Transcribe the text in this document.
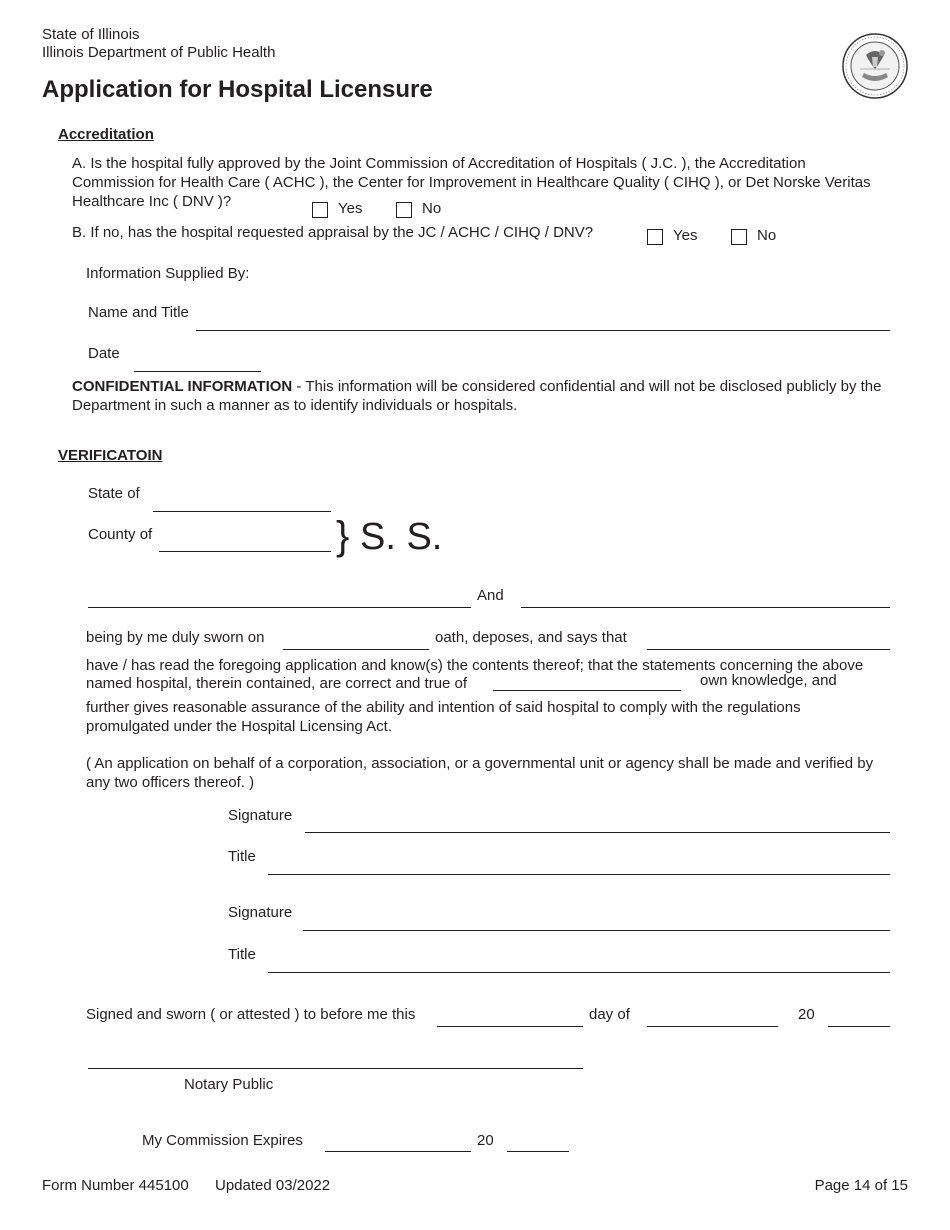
State of Illinois
Illinois Department of Public Health
Application for Hospital Licensure
Accreditation
A. Is the hospital fully approved by the Joint Commission of Accreditation of Hospitals ( J.C. ), the Accreditation Commission for Health Care ( ACHC ), the Center for Improvement in Healthcare Quality ( CIHQ ), or Det Norske Veritas Healthcare Inc ( DNV )?	Yes	No
B. If no, has the hospital requested appraisal by the JC / ACHC / CIHQ / DNV?	Yes	No
Information Supplied By:
Name and Title
Date
CONFIDENTIAL INFORMATION - This information will be considered confidential and will not be disclosed publicly by the Department in such a manner as to identify individuals or hospitals.
VERIFICATOIN
State of
County of	} S. S.
And
being by me duly sworn on	oath, deposes, and says that
have / has read the foregoing application and know(s) the contents thereof; that the statements concerning the above
named hospital, therein contained, are correct and true of	own knowledge, and
further gives reasonable assurance of the ability and intention of said hospital to comply with the regulations promulgated under the Hospital Licensing Act.
( An application on behalf of a corporation, association, or a governmental unit or agency shall be made and verified by any two officers thereof. )
Signature
Title
Signature
Title
Signed and sworn ( or attested ) to before me this	day of	20
Notary Public
My Commission Expires	20
Form Number 445100 Updated 03/2022	Page 14 of 15
